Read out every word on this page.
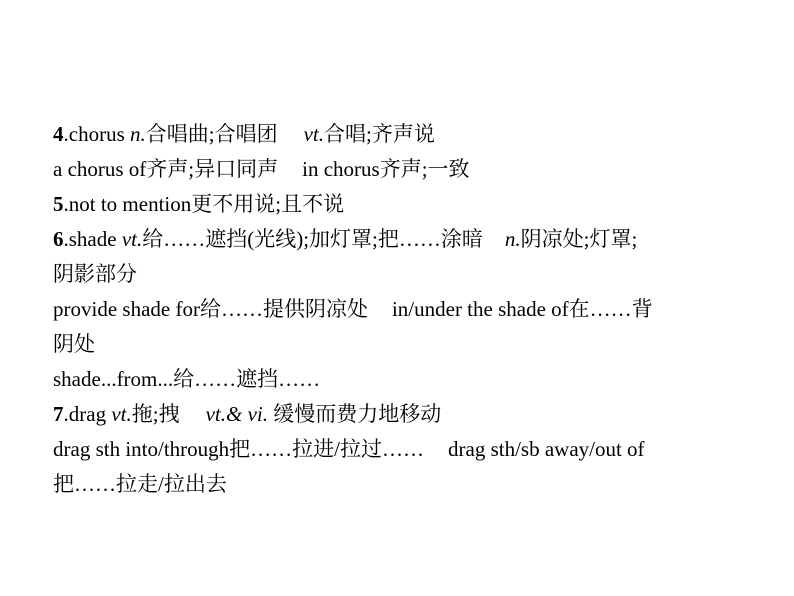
4.chorus n.合唱曲;合唱团 vt.合唱;齐声说
a chorus of齐声;异口同声 in chorus齐声;一致
5.not to mention更不用说;且不说
6.shade vt.给……遮挡(光线);加灯罩;把……涂暗 n.阴凉处;灯罩;
阴影部分
provide shade for给……提供阴凉处 in/under the shade of在……背
阴处
shade...from...给……遮挡……
7.drag vt.拖;拽 vt.& vi. 缓慢而费力地移动
drag sth into/through把……拉进/拉过…… drag sth/sb away/out of
把……拉走/拉出去
